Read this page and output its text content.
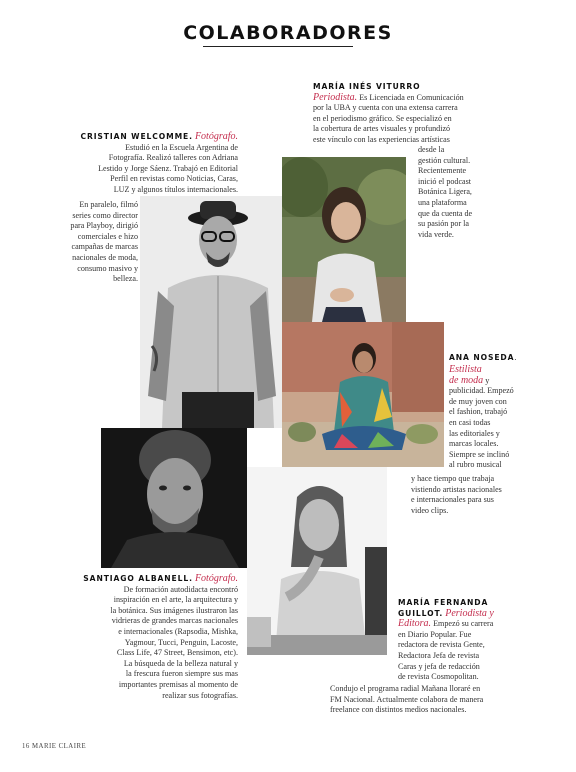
COLABORADORES
MARÍA INÉS VITURRO
Periodista. Es Licenciada en Comunicación
por la UBA y cuenta con una extensa carrera
en el periodismo gráfico. Se especializó en
la cobertura de artes visuales y profundizó
este vínculo con las experiencias artísticas
desde la
gestión cultural.
Recientemente
inició el podcast
Botánica Ligera,
una plataforma
que da cuenta de
su pasión por la
vida verde.
CRISTIAN WELCOMME. Fotógrafo.
Estudió en la Escuela Argentina de
Fotografía. Realizó talleres con Adriana
Lestido y Jorge Sáenz. Trabajó en Editorial
Perfil en revistas como Noticias, Caras,
LUZ y algunos títulos internacionales.
En paralelo, filmó
series como director
para Playboy, dirigió
comerciales e hizo
campañas de marcas
nacionales de moda,
consumo masivo y
belleza.
ANA NOSEDA.
Estilista
de moda y
publicidad. Empezó
de muy joven con
el fashion, trabajó
en casi todas
las editoriales y
marcas locales.
Siempre se inclinó
al rubro musical
y hace tiempo que trabaja
vistiendo artistas nacionales
e internacionales para sus
video clips.
SANTIAGO ALBANELL. Fotógrafo.
De formación autodidacta encontró
inspiración en el arte, la arquitectura y
la botánica. Sus imágenes ilustraron las
vidrieras de grandes marcas nacionales
e internacionales (Rapsodia, Mishka,
Yagmour, Tucci, Penguin, Lacoste,
Class Life, 47 Street, Bensimon, etc).
La búsqueda de la belleza natural y
la frescura fueron siempre sus mas
importantes premisas al momento de
realizar sus fotografías.
MARÍA FERNANDA
GUILLOT. Periodista y
Editora. Empezó su carrera
en Diario Popular. Fue
redactora de revista Gente,
Redactora Jefa de revista
Caras y jefa de redacción
de revista Cosmopolitan.
Condujo el programa radial Mañana lloraré en
FM Nacional. Actualmente colabora de manera
freelance con distintos medios nacionales.
16 MARIE CLAIRE
